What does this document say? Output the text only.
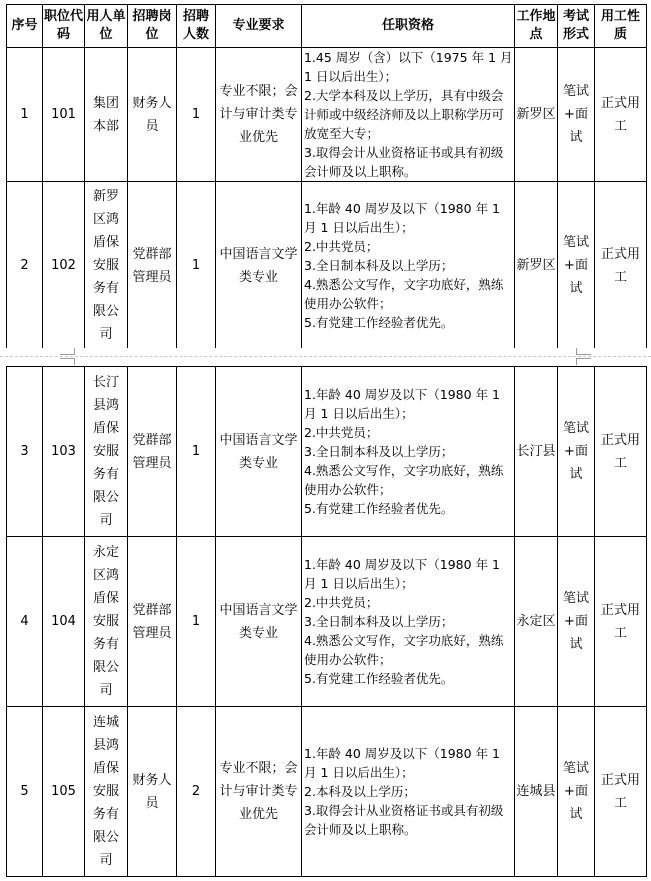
序号	职位代码	用人单位	招聘岗位	招聘人数	专业要求	任职资格	工作地点	考试形式	用工性质
1	101	集团本部	财务人员	1	专业不限；会计与审计类专业优先	1.45 周岁（含）以下（1975 年 1 月 1 日以后出生）；
2.大学本科及以上学历，具有中级会计师或中级经济师及以上职称学历可放宽至大专；
3.取得会计从业资格证书或具有初级会计师及以上职称。	新罗区	笔试+面试	正式用工
2	102	新罗区鸿盾保安服务有限公司	党群部管理员	1	中国语言文学类专业	1.年龄 40 周岁及以下（1980 年 1 月 1 日以后出生）；
2.中共党员；
3.全日制本科及以上学历；
4.熟悉公文写作，文字功底好，熟练使用办公软件；
5.有党建工作经验者优先。	新罗区	笔试+面试	正式用工
3	103	长汀县鸿盾保安服务有限公司	党群部管理员	1	中国语言文学类专业	1.年龄 40 周岁及以下（1980 年 1 月 1 日以后出生）；
2.中共党员；
3.全日制本科及以上学历；
4.熟悉公文写作，文字功底好，熟练使用办公软件；
5.有党建工作经验者优先。	长汀县	笔试+面试	正式用工
4	104	永定区鸿盾保安服务有限公司	党群部管理员	1	中国语言文学类专业	1.年龄 40 周岁及以下（1980 年 1 月 1 日以后出生）；
2.中共党员；
3.全日制本科及以上学历；
4.熟悉公文写作，文字功底好，熟练使用办公软件；
5.有党建工作经验者优先。	永定区	笔试+面试	正式用工
5	105	连城县鸿盾保安服务有限公司	财务人员	2	专业不限；会计与审计类专业优先	1.年龄 40 周岁及以下（1980 年 1 月 1 日以后出生）；
2.本科及以上学历；
3.取得会计从业资格证书或具有初级会计师及以上职称。	连城县	笔试+面试	正式用工
